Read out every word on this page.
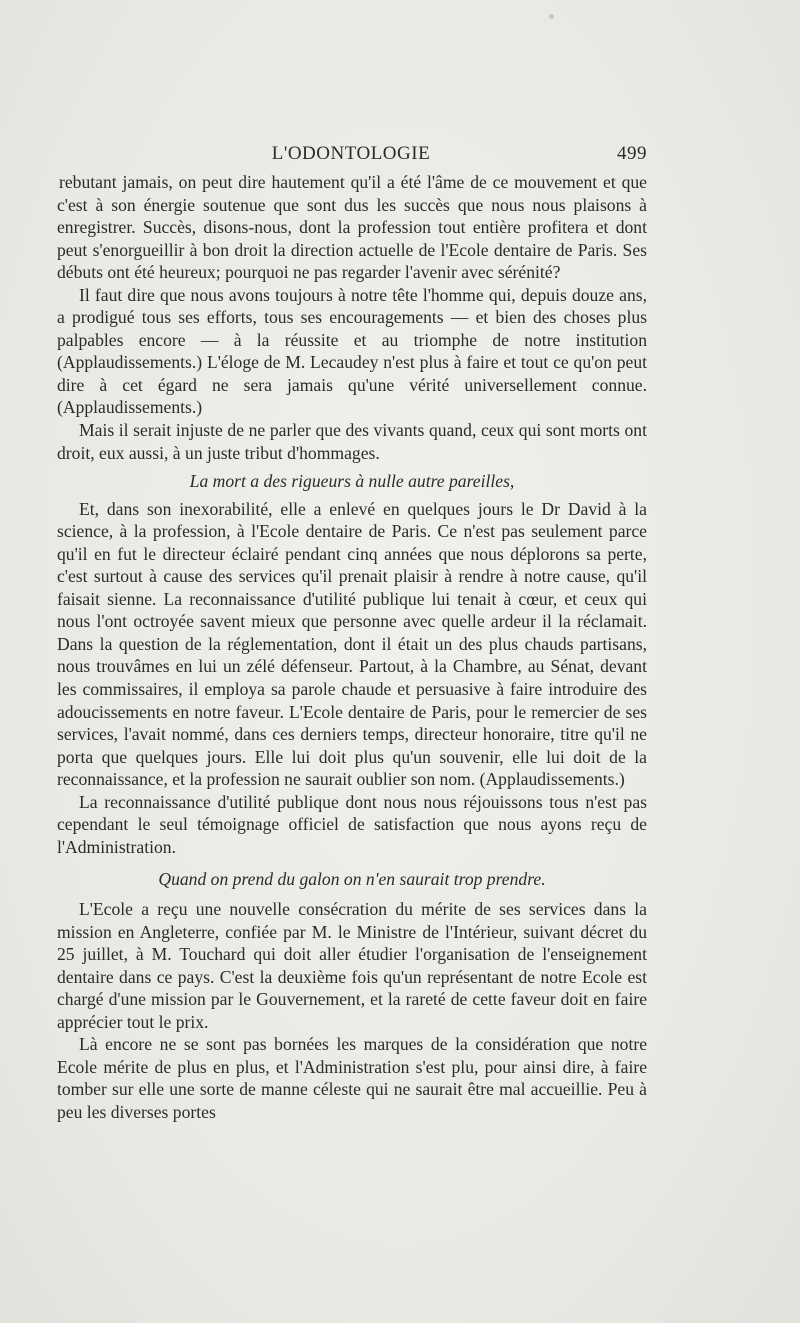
L'ODONTOLOGIE	499

rebutant jamais, on peut dire hautement qu'il a été l'âme de ce mouvement et que c'est à son énergie soutenue que sont dus les succès que nous nous plaisons à enregistrer. Succès, disons-nous, dont la profession tout entière profitera et dont peut s'enorgueillir à bon droit la direction actuelle de l'Ecole dentaire de Paris. Ses débuts ont été heureux; pourquoi ne pas regarder l'avenir avec sérénité?

Il faut dire que nous avons toujours à notre tête l'homme qui, depuis douze ans, a prodigué tous ses efforts, tous ses encouragements — et bien des choses plus palpables encore — à la réussite et au triomphe de notre institution (Applaudissements.) L'éloge de M. Lecaudey n'est plus à faire et tout ce qu'on peut dire à cet égard ne sera jamais qu'une vérité universellement connue. (Applaudissements.)

Mais il serait injuste de ne parler que des vivants quand, ceux qui sont morts ont droit, eux aussi, à un juste tribut d'hommages.

La mort a des rigueurs à nulle autre pareilles,

Et, dans son inexorabilité, elle a enlevé en quelques jours le Dr David à la science, à la profession, à l'Ecole dentaire de Paris. Ce n'est pas seulement parce qu'il en fut le directeur éclairé pendant cinq années que nous déplorons sa perte, c'est surtout à cause des services qu'il prenait plaisir à rendre à notre cause, qu'il faisait sienne. La reconnaissance d'utilité publique lui tenait à cœur, et ceux qui nous l'ont octroyée savent mieux que personne avec quelle ardeur il la réclamait. Dans la question de la réglementation, dont il était un des plus chauds partisans, nous trouvâmes en lui un zélé défenseur. Partout, à la Chambre, au Sénat, devant les commissaires, il employa sa parole chaude et persuasive à faire introduire des adoucissements en notre faveur. L'Ecole dentaire de Paris, pour le remercier de ses services, l'avait nommé, dans ces derniers temps, directeur honoraire, titre qu'il ne porta que quelques jours. Elle lui doit plus qu'un souvenir, elle lui doit de la reconnaissance, et la profession ne saurait oublier son nom. (Applaudissements.)

La reconnaissance d'utilité publique dont nous nous réjouissons tous n'est pas cependant le seul témoignage officiel de satisfaction que nous ayons reçu de l'Administration.

Quand on prend du galon on n'en saurait trop prendre.

L'Ecole a reçu une nouvelle consécration du mérite de ses services dans la mission en Angleterre, confiée par M. le Ministre de l'Intérieur, suivant décret du 25 juillet, à M. Touchard qui doit aller étudier l'organisation de l'enseignement dentaire dans ce pays. C'est la deuxième fois qu'un représentant de notre Ecole est chargé d'une mission par le Gouvernement, et la rareté de cette faveur doit en faire apprécier tout le prix.

Là encore ne se sont pas bornées les marques de la considération que notre Ecole mérite de plus en plus, et l'Administration s'est plu, pour ainsi dire, à faire tomber sur elle une sorte de manne céleste qui ne saurait être mal accueillie. Peu à peu les diverses portes
